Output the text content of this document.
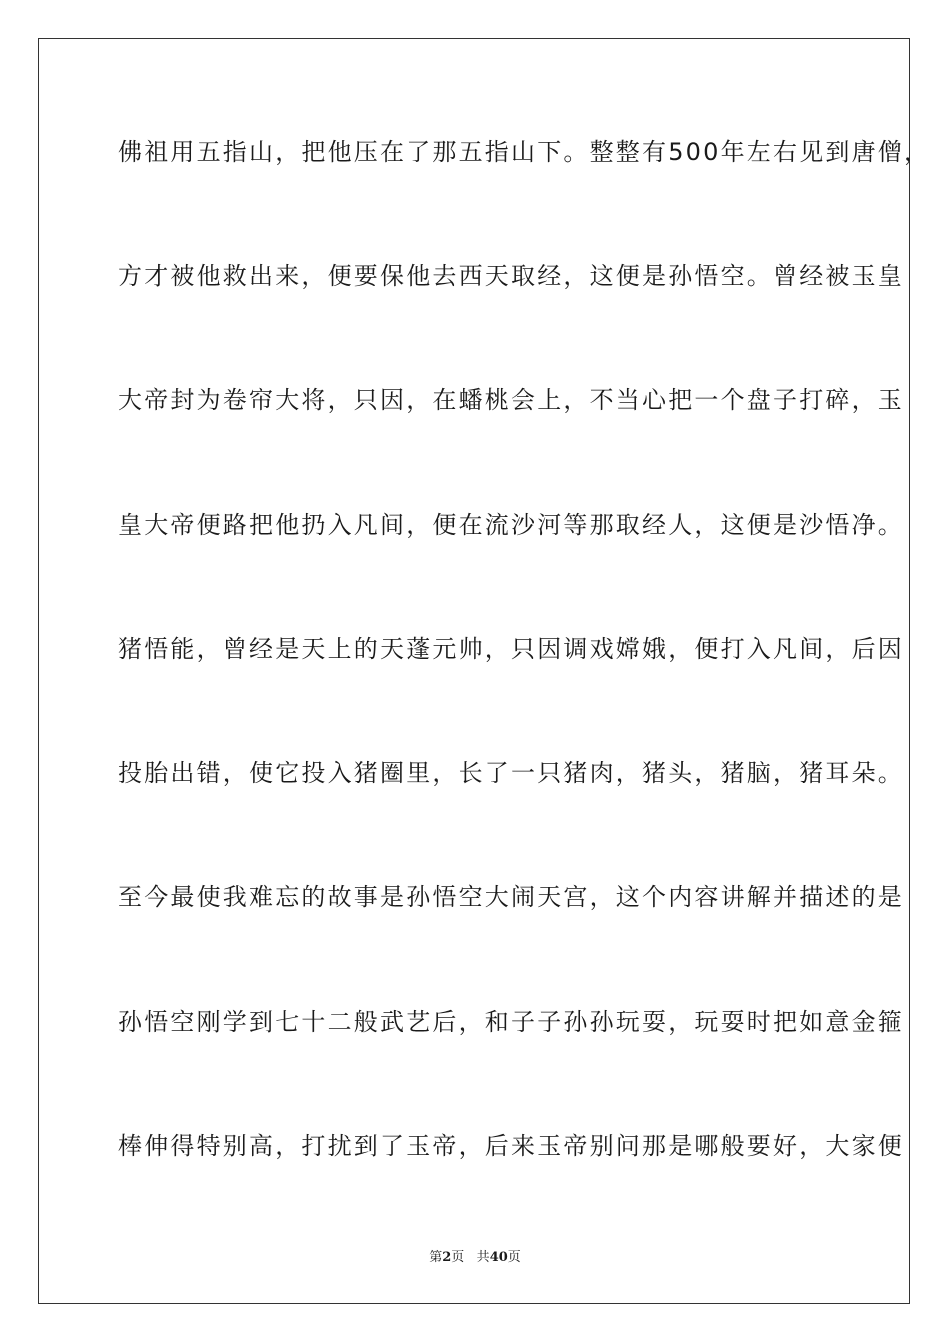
佛祖用五指山，把他压在了那五指山下。整整有500年左右见到唐僧，
方才被他救出来，便要保他去西天取经，这便是孙悟空。曾经被玉皇
大帝封为卷帘大将，只因，在蟠桃会上，不当心把一个盘子打碎，玉
皇大帝便路把他扔入凡间，便在流沙河等那取经人，这便是沙悟净。
猪悟能，曾经是天上的天蓬元帅，只因调戏嫦娥，便打入凡间，后因
投胎出错，使它投入猪圈里，长了一只猪肉，猪头，猪脑，猪耳朵。
至今最使我难忘的故事是孙悟空大闹天宫，这个内容讲解并描述的是
孙悟空刚学到七十二般武艺后，和子子孙孙玩耍，玩耍时把如意金箍
棒伸得特别高，打扰到了玉帝，后来玉帝别问那是哪般要好，大家便
第2页 共40页
